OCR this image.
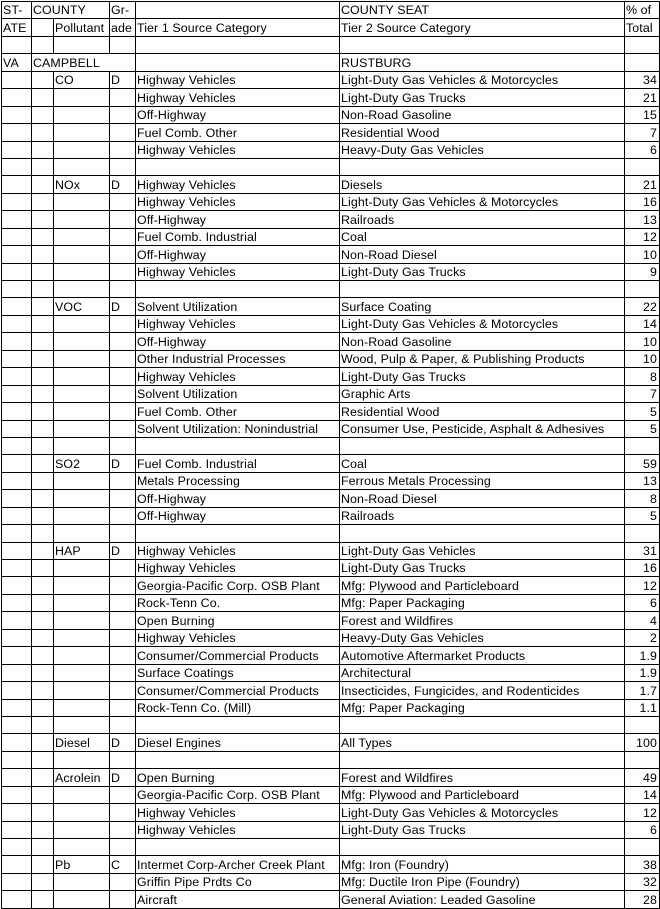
ST-	COUNTY		Gr-		COUNTY SEAT	% of
ATE		Pollutant	ade	Tier 1 Source Category	Tier 2 Source Category	Total

VA	CAMPBELL				RUSTBURG	
		CO	D	Highway Vehicles	Light-Duty Gas Vehicles & Motorcycles	34
				Highway Vehicles	Light-Duty Gas Trucks	21
				Off-Highway	Non-Road Gasoline	15
				Fuel Comb. Other	Residential Wood	7
				Highway Vehicles	Heavy-Duty Gas Vehicles	6

		NOx	D	Highway Vehicles	Diesels	21
				Highway Vehicles	Light-Duty Gas Vehicles & Motorcycles	16
				Off-Highway	Railroads	13
				Fuel Comb. Industrial	Coal	12
				Off-Highway	Non-Road Diesel	10
				Highway Vehicles	Light-Duty Gas Trucks	9

		VOC	D	Solvent Utilization	Surface Coating	22
				Highway Vehicles	Light-Duty Gas Vehicles & Motorcycles	14
				Off-Highway	Non-Road Gasoline	10
				Other Industrial Processes	Wood, Pulp & Paper, & Publishing Products	10
				Highway Vehicles	Light-Duty Gas Trucks	8
				Solvent Utilization	Graphic Arts	7
				Fuel Comb. Other	Residential Wood	5
				Solvent Utilization: Nonindustrial	Consumer Use, Pesticide, Asphalt & Adhesives	5

		SO2	D	Fuel Comb. Industrial	Coal	59
				Metals Processing	Ferrous Metals Processing	13
				Off-Highway	Non-Road Diesel	8
				Off-Highway	Railroads	5

		HAP	D	Highway Vehicles	Light-Duty Gas Vehicles	31
				Highway Vehicles	Light-Duty Gas Trucks	16
				Georgia-Pacific Corp. OSB Plant	Mfg: Plywood and Particleboard	12
				Rock-Tenn Co.	Mfg: Paper Packaging	6
				Open Burning	Forest and Wildfires	4
				Highway Vehicles	Heavy-Duty Gas Vehicles	2
				Consumer/Commercial Products	Automotive Aftermarket Products	1.9
				Surface Coatings	Architectural	1.9
				Consumer/Commercial Products	Insecticides, Fungicides, and Rodenticides	1.7
				Rock-Tenn Co. (Mill)	Mfg: Paper Packaging	1.1

		Diesel	D	Diesel Engines	All Types	100

		Acrolein	D	Open Burning	Forest and Wildfires	49
				Georgia-Pacific Corp. OSB Plant	Mfg: Plywood and Particleboard	14
				Highway Vehicles	Light-Duty Gas Vehicles & Motorcycles	12
				Highway Vehicles	Light-Duty Gas Trucks	6

		Pb	C	Intermet Corp-Archer Creek Plant	Mfg: Iron (Foundry)	38
				Griffin Pipe Prdts Co	Mfg: Ductile Iron Pipe (Foundry)	32
				Aircraft	General Aviation: Leaded Gasoline	28
